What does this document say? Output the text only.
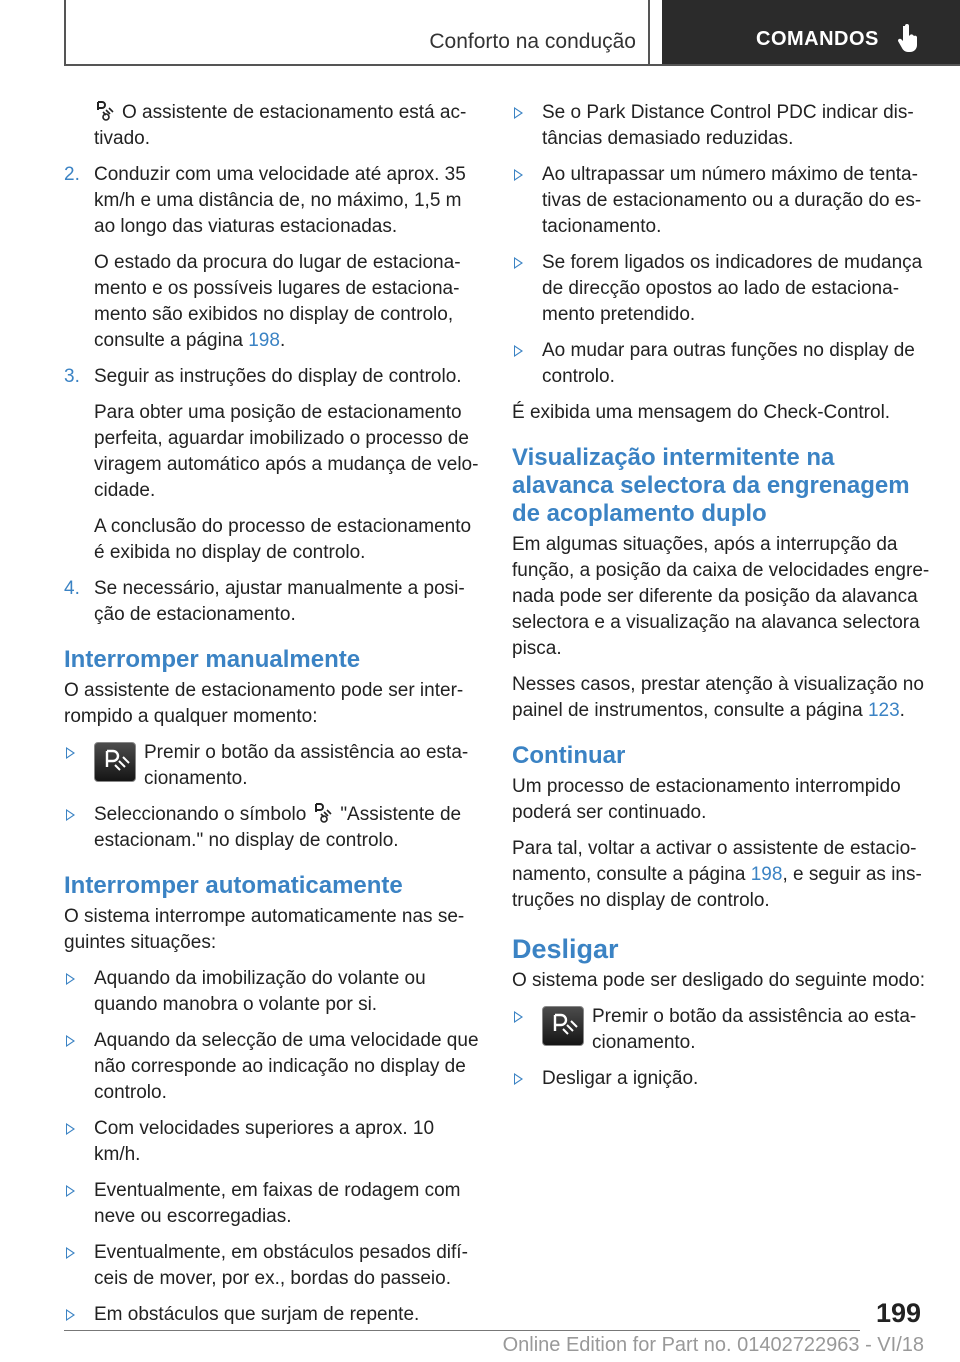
Conforto na condução	COMANDOS

O assistente de estacionamento está activado.

2. Conduzir com uma velocidade até aprox. 35 km/h e uma distância de, no máximo, 1,5 m ao longo das viaturas estacionadas.

O estado da procura do lugar de estacionamento e os possíveis lugares de estacionamento são exibidos no display de controlo, consulte a página 198.

3. Seguir as instruções do display de controlo.

Para obter uma posição de estacionamento perfeita, aguardar imobilizado o processo de viragem automático após a mudança de velocidade.

A conclusão do processo de estacionamento é exibida no display de controlo.

4. Se necessário, ajustar manualmente a posição de estacionamento.

Interromper manualmente

O assistente de estacionamento pode ser interrompido a qualquer momento:

Premir o botão da assistência ao estacionamento.
Seleccionando o símbolo "Assistente de estacionam." no display de controlo.
Interromper automaticamente

O sistema interrompe automaticamente nas seguintes situações:

Aquando da imobilização do volante ou quando manobra o volante por si.
Aquando da selecção de uma velocidade que não corresponde ao indicação no display de controlo.
Com velocidades superiores a aprox. 10 km/h.
Eventualmente, em faixas de rodagem com neve ou escorregadias.
Eventualmente, em obstáculos pesados difíceis de mover, por ex., bordas do passeio.
Em obstáculos que surjam de repente.
Se o Park Distance Control PDC indicar distâncias demasiado reduzidas.
Ao ultrapassar um número máximo de tentativas de estacionamento ou a duração do estacionamento.
Se forem ligados os indicadores de mudança de direcção opostos ao lado de estacionamento pretendido.
Ao mudar para outras funções no display de controlo.

É exibida uma mensagem do Check-Control.

Visualização intermitente na alavanca selectora da engrenagem de acoplamento duplo

Em algumas situações, após a interrupção da função, a posição da caixa de velocidades engrenada pode ser diferente da posição da alavanca selectora e a visualização na alavanca selectora pisca.

Nesses casos, prestar atenção à visualização no painel de instrumentos, consulte a página 123.

Continuar

Um processo de estacionamento interrompido poderá ser continuado.

Para tal, voltar a activar o assistente de estacionamento, consulte a página 198, e seguir as instruções no display de controlo.

Desligar

O sistema pode ser desligado do seguinte modo:

Premir o botão da assistência ao estacionamento.
Desligar a ignição.
199
Online Edition for Part no. 01402722963 - VI/18
